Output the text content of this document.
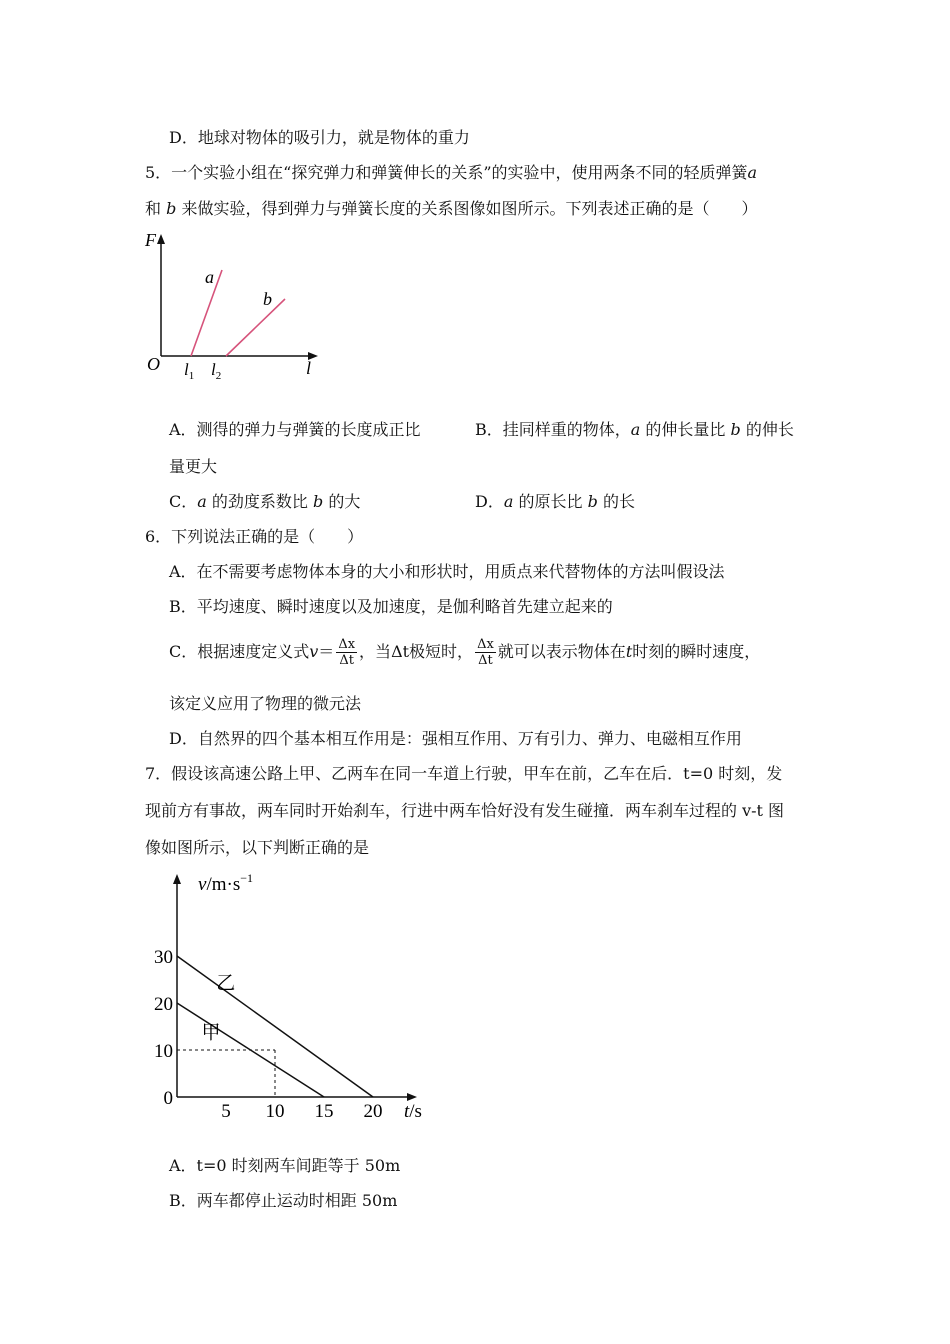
D．地球对物体的吸引力，就是物体的重力
5．一个实验小组在“探究弹力和弹簧伸长的关系”的实验中，使用两条不同的轻质弹簧a
和 b 来做实验，得到弹力与弹簧长度的关系图像如图所示。下列表述正确的是（　　）
F
O	l
a
b
$l_1$ $l_2$
A．测得的弹力与弹簧的长度成正比	B．挂同样重的物体，a 的伸长量比 b 的伸长
量更大
C．a 的劲度系数比 b 的大	D．a 的原长比 b 的长
6．下列说法正确的是（　　）
A．在不需要考虑物体本身的大小和形状时，用质点来代替物体的方法叫假设法
B．平均速度、瞬时速度以及加速度，是伽利略首先建立起来的
C．根据速度定义式$v= \frac{\Delta x}{\Delta t}$ ，当Δt极短时， $\frac{\Delta x}{\Delta t}$ 就可以表示物体在t时刻的瞬时速度，
该定义应用了物理的微元法
D．自然界的四个基本相互作用是：强相互作用、万有引力、弹力、电磁相互作用
7．假设该高速公路上甲、乙两车在同一车道上行驶，甲车在前，乙车在后．t=0 时刻，发
现前方有事故，两车同时开始刹车，行进中两车恰好没有发生碰撞．两车刹车过程的 v-t 图
像如图所示，以下判断正确的是
$v/m\cdot s^{-1}$
t/s
5 10 15 20
30
20
10
0
乙
甲
A．t=0 时刻两车间距等于 50m
B．两车都停止运动时相距 50m
